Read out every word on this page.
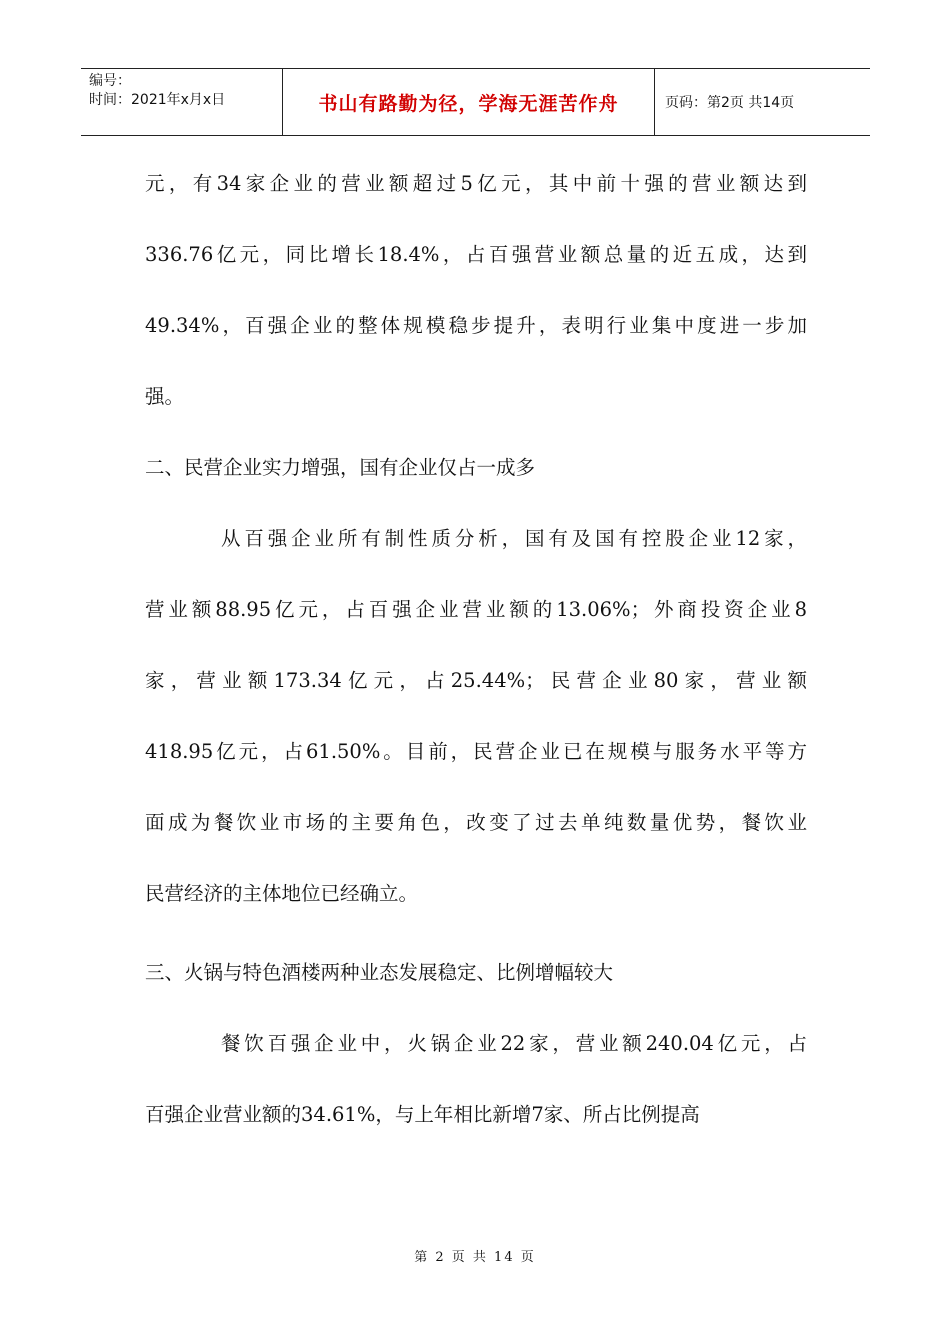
编号：
时间：2021年x月x日	书山有路勤为径，学海无涯苦作舟	页码：第2页 共14页
元，有34家企业的营业额超过5亿元，其中前十强的营业额达到
336.76亿元，同比增长18.4%，占百强营业额总量的近五成，达到
49.34%，百强企业的整体规模稳步提升，表明行业集中度进一步加
强。
二、民营企业实力增强，国有企业仅占一成多
从百强企业所有制性质分析，国有及国有控股企业12家，
营业额88.95亿元，占百强企业营业额的13.06%；外商投资企业8
家，营业额173.34亿元，占25.44%；民营企业80家，营业额
418.95亿元，占61.50%。目前，民营企业已在规模与服务水平等方
面成为餐饮业市场的主要角色，改变了过去单纯数量优势，餐饮业
民营经济的主体地位已经确立。
三、火锅与特色酒楼两种业态发展稳定、比例增幅较大
餐饮百强企业中，火锅企业22家，营业额240.04亿元，占
百强企业营业额的34.61%，与上年相比新增7家、所占比例提高
第 2 页 共 14 页
